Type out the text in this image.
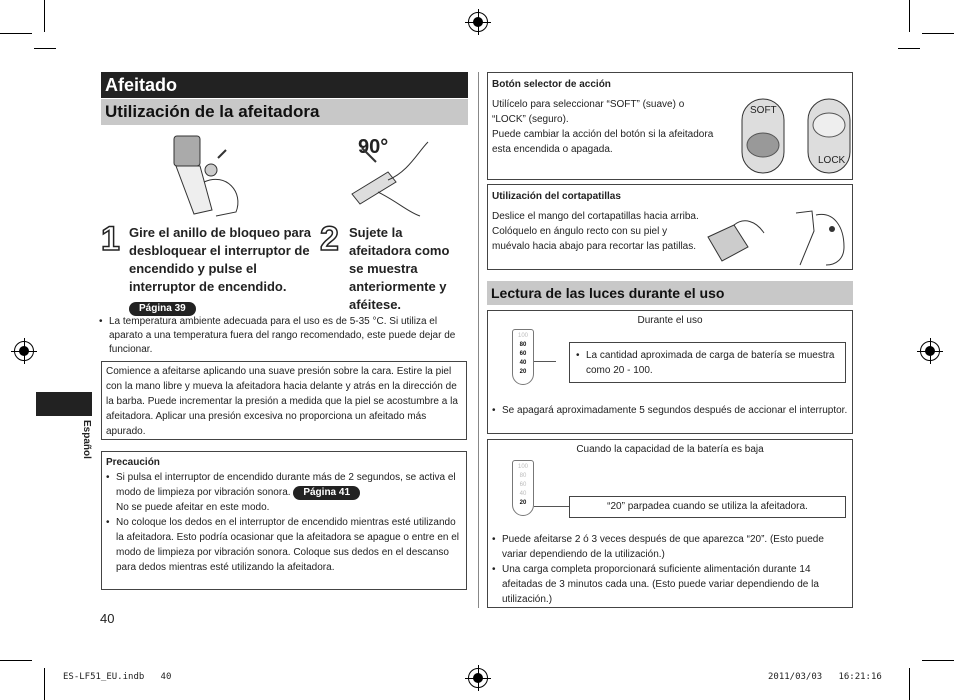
Español
Afeitado
Utilización de la afeitadora
90°
1 Gire el anillo de bloqueo para desbloquear el interruptor de encendido y pulse el interruptor de encendido.
Página 39
2 Sujete la afeitadora como se muestra anteriormente y aféitese.
• La temperatura ambiente adecuada para el uso es de 5-35 °C. Si utiliza el aparato a una temperatura fuera del rango recomendado, este puede dejar de funcionar.
Comience a afeitarse aplicando una suave presión sobre la cara. Estire la piel con la mano libre y mueva la afeitadora hacia delante y atrás en la dirección de la barba. Puede incrementar la presión a medida que la piel se acostumbre a la afeitadora. Aplicar una presión excesiva no proporciona un afeitado más apurado.
Precaución
• Si pulsa el interruptor de encendido durante más de 2 segundos, se activa el modo de limpieza por vibración sonora. Página 41
No se puede afeitar en este modo.
• No coloque los dedos en el interruptor de encendido mientras esté utilizando la afeitadora. Esto podría ocasionar que la afeitadora se apague o entre en el modo de limpieza por vibración sonora. Coloque sus dedos en el descanso para dedos mientras esté utilizando la afeitadora.
40
Botón selector de acción
Utilícelo para seleccionar “SOFT” (suave) o “LOCK” (seguro).
Puede cambiar la acción del botón si la afeitadora esta encendida o apagada.
SOFT
LOCK
Utilización del cortapatillas
Deslice el mango del cortapatillas hacia arriba. Colóquelo en ángulo recto con su piel y muévalo hacia abajo para recortar las patillas.
Lectura de las luces durante el uso
Durante el uso
100
80
60
40
20
• La cantidad aproximada de carga de batería se muestra como 20 - 100.
• Se apagará aproximadamente 5 segundos después de accionar el interruptor.
Cuando la capacidad de la batería es baja
100
80
60
40
20	“20” parpadea cuando se utiliza la afeitadora.
• Puede afeitarse 2 ó 3 veces después de que aparezca “20”. (Esto puede variar dependiendo de la utilización.)
• Una carga completa proporcionará suficiente alimentación durante 14 afeitadas de 3 minutos cada una. (Esto puede variar dependiendo de la utilización.)
ES-LF51_EU.indb   40	2011/03/03   16:21:16
